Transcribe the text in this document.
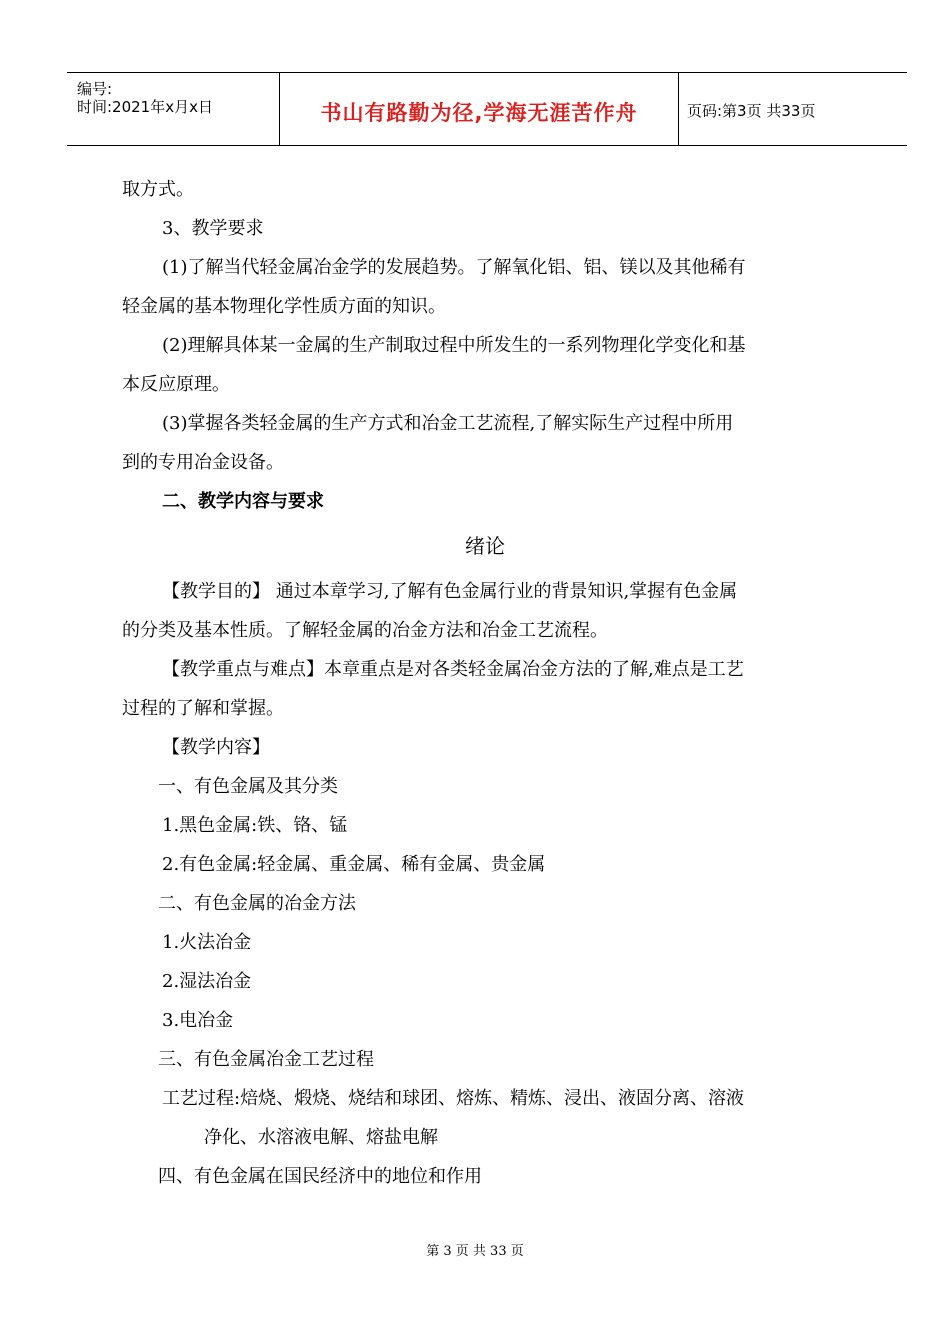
编号:
时间:2021年x月x日	书山有路勤为径,学海无涯苦作舟	页码:第3页 共33页

取方式。

3、教学要求

(1)了解当代轻金属冶金学的发展趋势。了解氧化铝、铝、镁以及其他稀有

轻金属的基本物理化学性质方面的知识。

(2)理解具体某一金属的生产制取过程中所发生的一系列物理化学变化和基

本反应原理。

(3)掌握各类轻金属的生产方式和冶金工艺流程,了解实际生产过程中所用

到的专用冶金设备。

二、教学内容与要求

绪论

【教学目的】 通过本章学习,了解有色金属行业的背景知识,掌握有色金属

的分类及基本性质。了解轻金属的冶金方法和冶金工艺流程。

【教学重点与难点】本章重点是对各类轻金属冶金方法的了解,难点是工艺

过程的了解和掌握。

【教学内容】

一、有色金属及其分类

1.黑色金属:铁、铬、锰

2.有色金属:轻金属、重金属、稀有金属、贵金属

二、有色金属的冶金方法

1.火法冶金

2.湿法冶金

3.电冶金

三、有色金属冶金工艺过程

工艺过程:焙烧、煅烧、烧结和球团、熔炼、精炼、浸出、液固分离、溶液

净化、水溶液电解、熔盐电解

四、有色金属在国民经济中的地位和作用

第 3 页 共 33 页
